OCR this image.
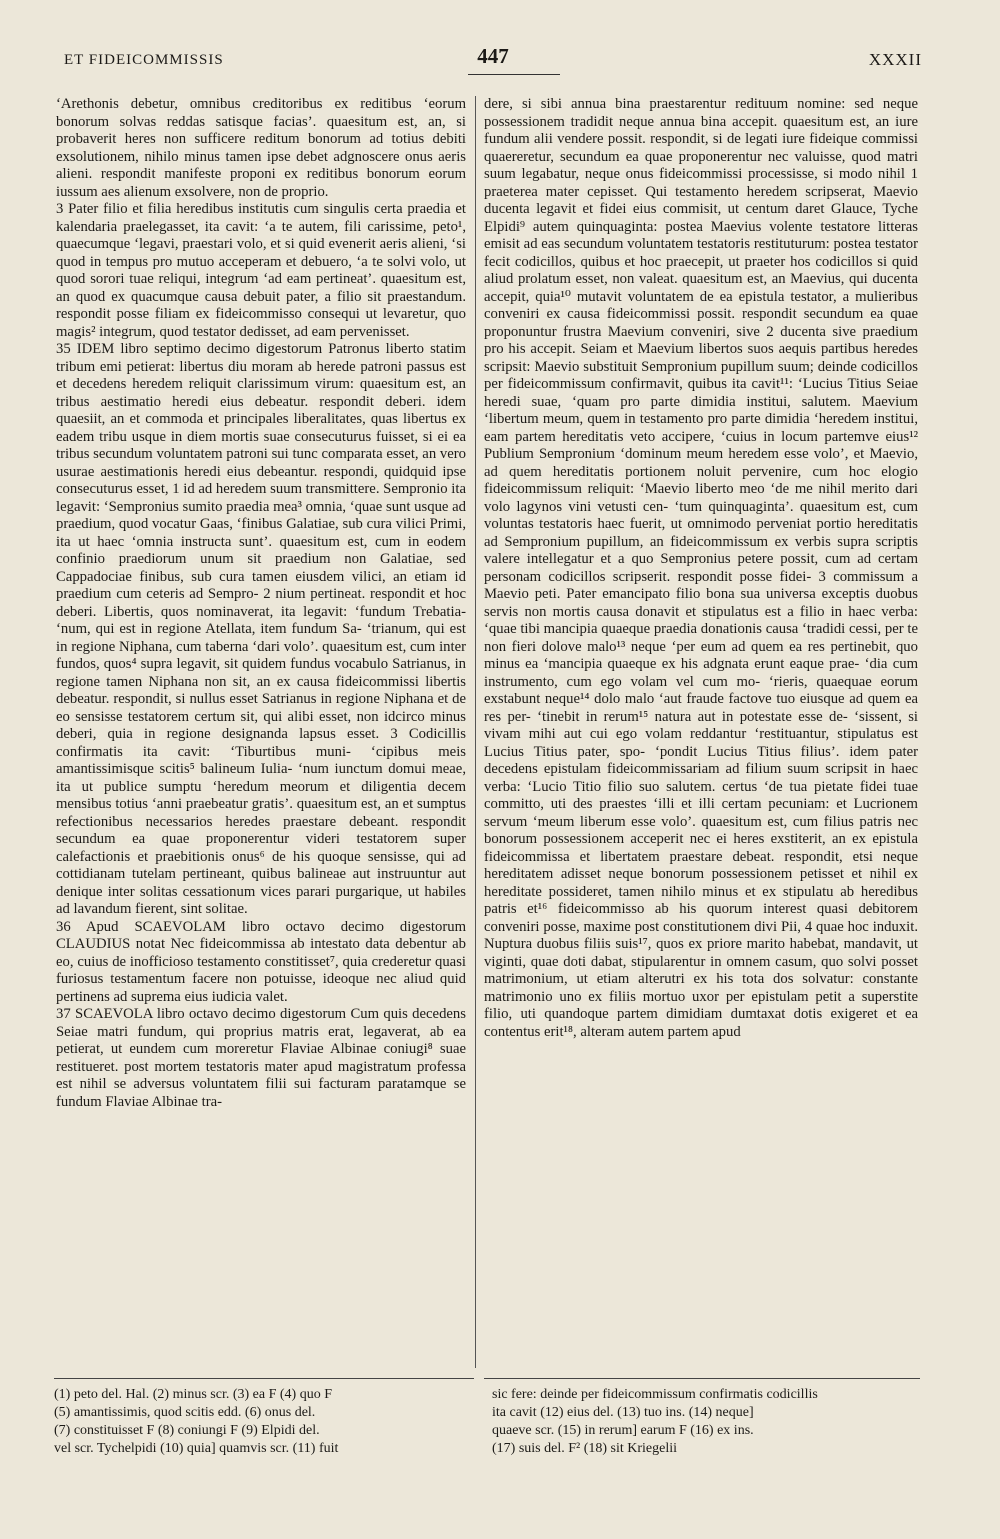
ET FIDEICOMMISSIS	447	XXXII

‘Arethonis debetur, omnibus creditoribus ex reditibus ‘eorum bonorum solvas reddas satisque facias’. quaesitum est, an, si probaverit heres non sufficere reditum bonorum ad totius debiti exsolutionem, nihilo minus tamen ipse debet adgnoscere onus aeris alieni. respondit manifeste proponi ex reditibus bonorum eorum iussum aes alienum exsolvere, non de proprio.

3 Pater filio et filia heredibus institutis cum singulis certa praedia et kalendaria praelegasset, ita cavit: ‘a te autem, fili carissime, peto¹, quaecumque ‘legavi, praestari volo, et si quid evenerit aeris alieni, ‘si quod in tempus pro mutuo acceperam et debuero, ‘a te solvi volo, ut quod sorori tuae reliqui, integrum ‘ad eam pertineat’. quaesitum est, an quod ex quacumque causa debuit pater, a filio sit praestandum. respondit posse filiam ex fideicommisso consequi ut levaretur, quo magis² integrum, quod testator dedisset, ad eam pervenisset.

35 IDEM libro septimo decimo digestorum Patronus liberto statim tribum emi petierat: libertus diu moram ab herede patroni passus est et decedens heredem reliquit clarissimum virum: quaesitum est, an tribus aestimatio heredi eius debeatur. respondit deberi. idem quaesiit, an et commoda et principales liberalitates, quas libertus ex eadem tribu usque in diem mortis suae consecuturus fuisset, si ei ea tribus secundum voluntatem patroni sui tunc comparata esset, an vero usurae aestimationis heredi eius debeantur. respondi, quidquid ipse consecuturus esset, 1 id ad heredem suum transmittere. Sempronio ita legavit: ‘Sempronius sumito praedia mea³ omnia, ‘quae sunt usque ad praedium, quod vocatur Gaas, ‘finibus Galatiae, sub cura vilici Primi, ita ut haec ‘omnia instructa sunt’. quaesitum est, cum in eodem confinio praediorum unum sit praedium non Galatiae, sed Cappadociae finibus, sub cura tamen eiusdem vilici, an etiam id praedium cum ceteris ad Sempro- 2 nium pertineat. respondit et hoc deberi. Libertis, quos nominaverat, ita legavit: ‘fundum Trebatia- ‘num, qui est in regione Atellata, item fundum Sa- ‘trianum, qui est in regione Niphana, cum taberna ‘dari volo’. quaesitum est, cum inter fundos, quos⁴ supra legavit, sit quidem fundus vocabulo Satrianus, in regione tamen Niphana non sit, an ex causa fideicommissi libertis debeatur. respondit, si nullus esset Satrianus in regione Niphana et de eo sensisse testatorem certum sit, qui alibi esset, non idcirco minus deberi, quia in regione designanda lapsus esset. 3 Codicillis confirmatis ita cavit: ‘Tiburtibus muni- ‘cipibus meis amantissimisque scitis⁵ balineum Iulia- ‘num iunctum domui meae, ita ut publice sumptu ‘heredum meorum et diligentia decem mensibus totius ‘anni praebeatur gratis’. quaesitum est, an et sumptus refectionibus necessarios heredes praestare debeant. respondit secundum ea quae proponerentur videri testatorem super calefactionis et praebitionis onus⁶ de his quoque sensisse, qui ad cottidianam tutelam pertineant, quibus balineae aut instruuntur aut denique inter solitas cessationum vices parari purgarique, ut habiles ad lavandum fierent, sint solitae.

36 Apud SCAEVOLAM libro octavo decimo digestorum CLAUDIUS notat Nec fideicommissa ab intestato data debentur ab eo, cuius de inofficioso testamento constitisset⁷, quia crederetur quasi furiosus testamentum facere non potuisse, ideoque nec aliud quid pertinens ad suprema eius iudicia valet.

37 SCAEVOLA libro octavo decimo digestorum Cum quis decedens Seiae matri fundum, qui proprius matris erat, legaverat, ab ea petierat, ut eundem cum moreretur Flaviae Albinae coniugi⁸ suae restitueret. post mortem testatoris mater apud magistratum professa est nihil se adversus voluntatem filii sui facturam paratamque se fundum Flaviae Albinae tra-

dere, si sibi annua bina praestarentur redituum nomine: sed neque possessionem tradidit neque annua bina accepit. quaesitum est, an iure fundum alii vendere possit. respondit, si de legati iure fideique commissi quaereretur, secundum ea quae proponerentur nec valuisse, quod matri suum legabatur, neque onus fideicommissi processisse, si modo nihil 1 praeterea mater cepisset. Qui testamento heredem scripserat, Maevio ducenta legavit et fidei eius commisit, ut centum daret Glauce, Tyche Elpidi⁹ autem quinquaginta: postea Maevius volente testatore litteras emisit ad eas secundum voluntatem testatoris restituturum: postea testator fecit codicillos, quibus et hoc praecepit, ut praeter hos codicillos si quid aliud prolatum esset, non valeat. quaesitum est, an Maevius, qui ducenta accepit, quia¹⁰ mutavit voluntatem de ea epistula testator, a mulieribus conveniri ex causa fideicommissi possit. respondit secundum ea quae proponuntur frustra Maevium conveniri, sive 2 ducenta sive praedium pro his accepit. Seiam et Maevium libertos suos aequis partibus heredes scripsit: Maevio substituit Sempronium pupillum suum; deinde codicillos per fideicommissum confirmavit, quibus ita cavit¹¹: ‘Lucius Titius Seiae heredi suae, ‘quam pro parte dimidia institui, salutem. Maevium ‘libertum meum, quem in testamento pro parte dimidia ‘heredem institui, eam partem hereditatis veto accipere, ‘cuius in locum partemve eius¹² Publium Sempronium ‘dominum meum heredem esse volo’, et Maevio, ad quem hereditatis portionem noluit pervenire, cum hoc elogio fideicommissum reliquit: ‘Maevio liberto meo ‘de me nihil merito dari volo lagynos vini vetusti cen- ‘tum quinquaginta’. quaesitum est, cum voluntas testatoris haec fuerit, ut omnimodo perveniat portio hereditatis ad Sempronium pupillum, an fideicommissum ex verbis supra scriptis valere intellegatur et a quo Sempronius petere possit, cum ad certam personam codicillos scripserit. respondit posse fidei- 3 commissum a Maevio peti. Pater emancipato filio bona sua universa exceptis duobus servis non mortis causa donavit et stipulatus est a filio in haec verba: ‘quae tibi mancipia quaeque praedia donationis causa ‘tradidi cessi, per te non fieri dolove malo¹³ neque ‘per eum ad quem ea res pertinebit, quo minus ea ‘mancipia quaeque ex his adgnata erunt eaque prae- ‘dia cum instrumento, cum ego volam vel cum mo- ‘rieris, quaequae eorum exstabunt neque¹⁴ dolo malo ‘aut fraude factove tuo eiusque ad quem ea res per- ‘tinebit in rerum¹⁵ natura aut in potestate esse de- ‘sissent, si vivam mihi aut cui ego volam reddantur ‘restituantur, stipulatus est Lucius Titius pater, spo- ‘pondit Lucius Titius filius’. idem pater decedens epistulam fideicommissariam ad filium suum scripsit in haec verba: ‘Lucio Titio filio suo salutem. certus ‘de tua pietate fidei tuae committo, uti des praestes ‘illi et illi certam pecuniam: et Lucrionem servum ‘meum liberum esse volo’. quaesitum est, cum filius patris nec bonorum possessionem acceperit nec ei heres exstiterit, an ex epistula fideicommissa et libertatem praestare debeat. respondit, etsi neque hereditatem adisset neque bonorum possessionem petisset et nihil ex hereditate possideret, tamen nihilo minus et ex stipulatu ab heredibus patris et¹⁶ fideicommisso ab his quorum interest quasi debitorem conveniri posse, maxime post constitutionem divi Pii, 4 quae hoc induxit. Nuptura duobus filiis suis¹⁷, quos ex priore marito habebat, mandavit, ut viginti, quae doti dabat, stipularentur in omnem casum, quo solvi posset matrimonium, ut etiam alterutri ex his tota dos solvatur: constante matrimonio uno ex filiis mortuo uxor per epistulam petit a superstite filio, uti quandoque partem dimidiam dumtaxat dotis exigeret et ea contentus erit¹⁸, alteram autem partem apud

(1) peto del. Hal. (2) minus scr. (3) ea F (4) quo F

(5) amantissimis, quod scitis edd. (6) onus del.

(7) constituisset F (8) coniungi F (9) Elpidi del.

vel scr. Tychelpidi (10) quia] quamvis scr. (11) fuit

sic fere: deinde per fideicommissum confirmatis codicillis

ita cavit (12) eius del. (13) tuo ins. (14) neque]

quaeve scr. (15) in rerum] earum F (16) ex ins.

(17) suis del. F² (18) sit Kriegelii
